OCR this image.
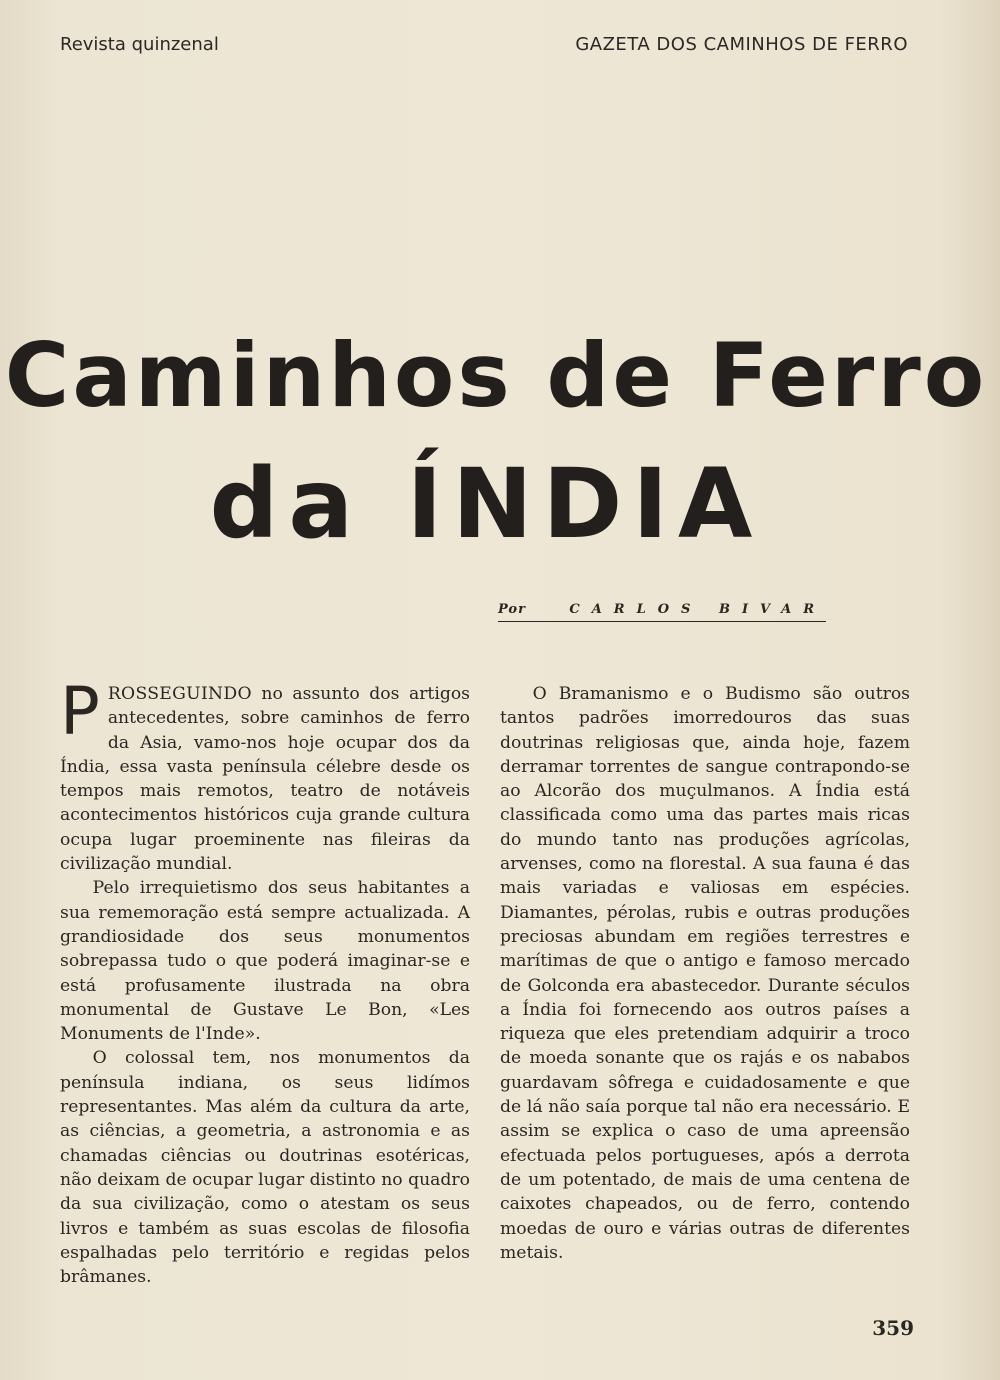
Revista quinzenal	GAZETA DOS CAMINHOS DE FERRO
Caminhos de Ferro
da ÍNDIA
Por	CARLOS BIVAR

PROSSEGUINDO no assunto dos artigos antecedentes, sobre caminhos de ferro da Asia, vamo-nos hoje ocupar dos da Índia, essa vasta península célebre desde os tempos mais remotos, teatro de notáveis acontecimentos históricos cuja grande cultura ocupa lugar proeminente nas fileiras da civilização mundial.

Pelo irrequietismo dos seus habitantes a sua rememoração está sempre actualizada. A grandiosidade dos seus monumentos sobrepassa tudo o que poderá imaginar-se e está profusamente ilustrada na obra monumental de Gustave Le Bon, «Les Monuments de l'Inde».

O colossal tem, nos monumentos da península indiana, os seus lidímos representantes. Mas além da cultura da arte, as ciências, a geometria, a astronomia e as chamadas ciências ou doutrinas esotéricas, não deixam de ocupar lugar distinto no quadro da sua civilização, como o atestam os seus livros e também as suas escolas de filosofia espalhadas pelo território e regidas pelos brâmanes.

O Bramanismo e o Budismo são outros tantos padrões imorredouros das suas doutrinas religiosas que, ainda hoje, fazem derramar torrentes de sangue contrapondo-se ao Alcorão dos muçulmanos. A Índia está classificada como uma das partes mais ricas do mundo tanto nas produções agrícolas, arvenses, como na florestal. A sua fauna é das mais variadas e valiosas em espécies. Diamantes, pérolas, rubis e outras produções preciosas abundam em regiões terrestres e marítimas de que o antigo e famoso mercado de Golconda era abastecedor. Durante séculos a Índia foi fornecendo aos outros países a riqueza que eles pretendiam adquirir a troco de moeda sonante que os rajás e os nababos guardavam sôfrega e cuidadosamente e que de lá não saía porque tal não era necessário. E assim se explica o caso de uma apreensão efectuada pelos portugueses, após a derrota de um potentado, de mais de uma centena de caixotes chapeados, ou de ferro, contendo moedas de ouro e várias outras de diferentes metais.

359
